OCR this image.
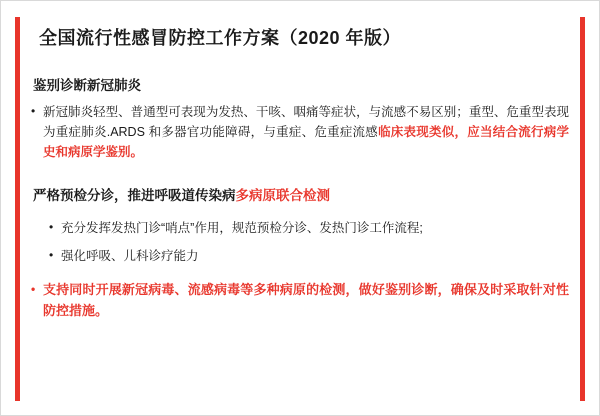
全国流行性感冒防控工作方案（2020 年版）
鉴别诊断新冠肺炎
• 新冠肺炎轻型、普通型可表现为发热、干咳、咽痛等症状，与流感不易区别；重型、危重型表现为重症肺炎.ARDS 和多器官功能障碍，与重症、危重症流感临床表现类似，应当结合流行病学史和病原学鉴别。
严格预检分诊，推进呼吸道传染病多病原联合检测
• 充分发挥发热门诊“哨点”作用，规范预检分诊、发热门诊工作流程;
• 强化呼吸、儿科诊疗能力
• 支持同时开展新冠病毒、流感病毒等多种病原的检测，做好鉴别诊断，确保及时采取针对性防控措施。
